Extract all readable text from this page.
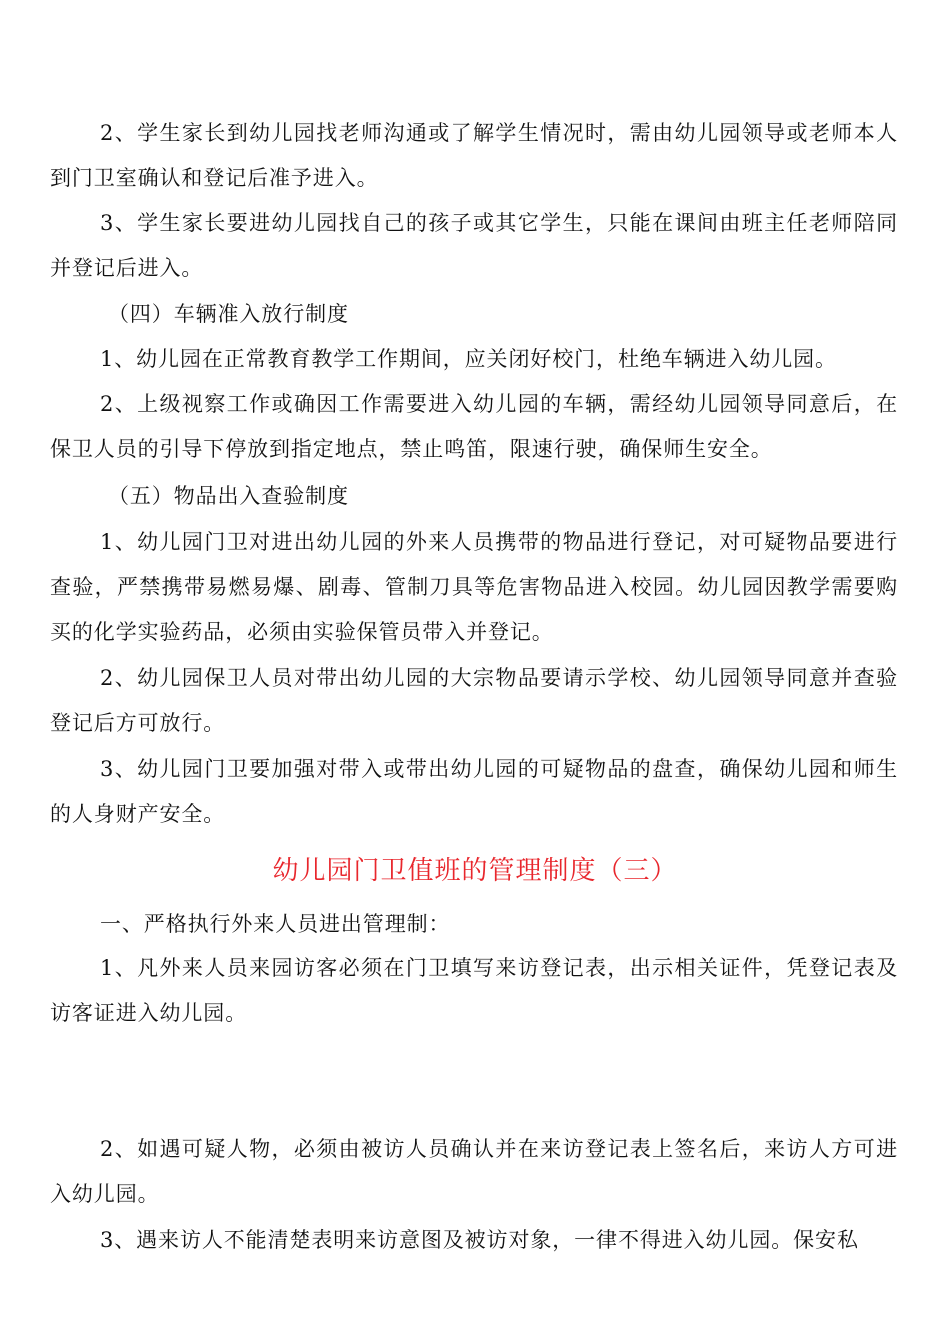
2、学生家长到幼儿园找老师沟通或了解学生情况时，需由幼儿园领导或老师本人到门卫室确认和登记后准予进入。

3、学生家长要进幼儿园找自己的孩子或其它学生，只能在课间由班主任老师陪同并登记后进入。

（四）车辆准入放行制度

1、幼儿园在正常教育教学工作期间，应关闭好校门，杜绝车辆进入幼儿园。

2、上级视察工作或确因工作需要进入幼儿园的车辆，需经幼儿园领导同意后，在保卫人员的引导下停放到指定地点，禁止鸣笛，限速行驶，确保师生安全。

（五）物品出入查验制度

1、幼儿园门卫对进出幼儿园的外来人员携带的物品进行登记，对可疑物品要进行查验，严禁携带易燃易爆、剧毒、管制刀具等危害物品进入校园。幼儿园因教学需要购买的化学实验药品，必须由实验保管员带入并登记。

2、幼儿园保卫人员对带出幼儿园的大宗物品要请示学校、幼儿园领导同意并查验登记后方可放行。

3、幼儿园门卫要加强对带入或带出幼儿园的可疑物品的盘查，确保幼儿园和师生的人身财产安全。

幼儿园门卫值班的管理制度（三）

一、严格执行外来人员进出管理制：

1、凡外来人员来园访客必须在门卫填写来访登记表，出示相关证件，凭登记表及访客证进入幼儿园。

2、如遇可疑人物，必须由被访人员确认并在来访登记表上签名后，来访人方可进入幼儿园。

3、遇来访人不能清楚表明来访意图及被访对象，一律不得进入幼儿园。保安私
